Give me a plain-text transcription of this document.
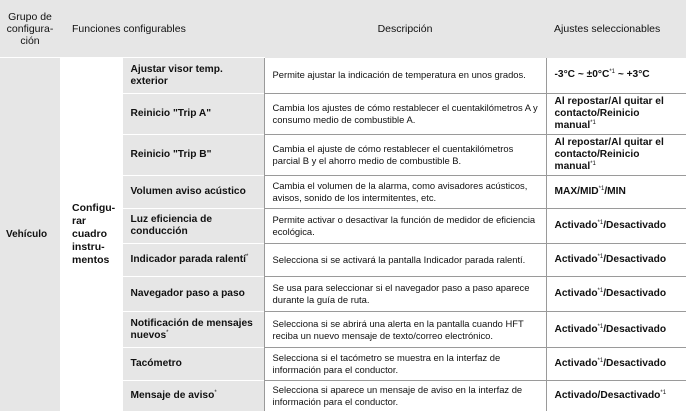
Grupo de configura-ción	Funciones configurables		Descripción	Ajustes seleccionables
Vehículo	Configu-rar cuadro instru-mentos	Ajustar visor temp. exterior	Permite ajustar la indicación de temperatura en unos grados.	-3°C ~ $\pm 0^\circ C^{*1}$ ~ +3°C
		Reinicio "Trip A"	Cambia los ajustes de cómo restablecer el cuentakilómetros A y consumo medio de combustible A.	Al repostar/Al quitar el contacto/Reinicio manual$^{*1}$
		Reinicio "Trip B"	Cambia el ajuste de cómo restablecer el cuentakilómetros parcial B y el ahorro medio de combustible B.	Al repostar/Al quitar el contacto/Reinicio manual$^{*1}$
		Volumen aviso acústico	Cambia el volumen de la alarma, como avisadores acústicos, avisos, sonido de los intermitentes, etc.	MAX/MID$^{*1}$/MIN
		Luz eficiencia de conducción	Permite activar o desactivar la función de medidor de eficiencia ecológica.	Activado$^{*1}$/Desactivado
		Indicador parada ralentí*	Selecciona si se activará la pantalla Indicador parada ralentí.	Activado$^{*1}$/Desactivado
		Navegador paso a paso	Se usa para seleccionar si el navegador paso a paso aparece durante la guía de ruta.	Activado$^{*1}$/Desactivado
		Notificación de mensajes nuevos*	Selecciona si se abrirá una alerta en la pantalla cuando HFT reciba un nuevo mensaje de texto/correo electrónico.	Activado$^{*1}$/Desactivado
		Tacómetro	Selecciona si el tacómetro se muestra en la interfaz de información para el conductor.	Activado$^{*1}$/Desactivado
		Mensaje de aviso*	Selecciona si aparece un mensaje de aviso en la interfaz de información para el conductor.	Activado/Desactivado$^{*1}$
